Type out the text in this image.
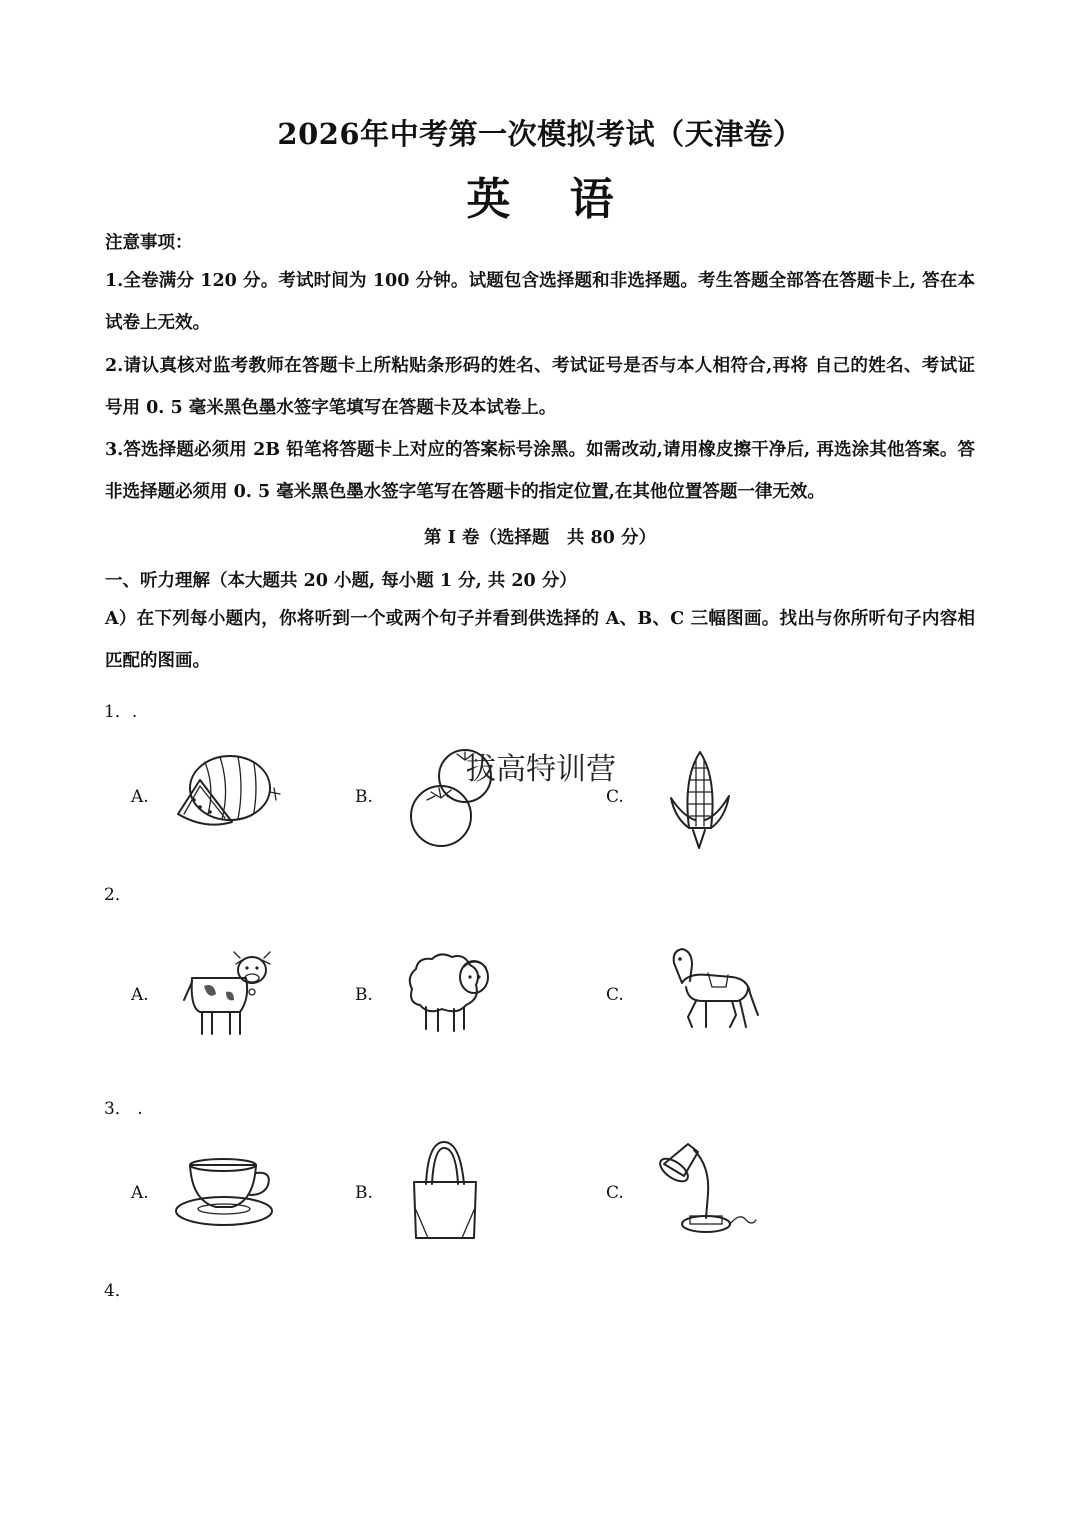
2026年中考第一次模拟考试（天津卷）
英 语
注意事项：
1.全卷满分 120 分。考试时间为 100 分钟。试题包含选择题和非选择题。考生答题全部答在答题卡上, 答在本试卷上无效。
2.请认真核对监考教师在答题卡上所粘贴条形码的姓名、考试证号是否与本人相符合,再将 自己的姓名、考试证号用 0. 5 毫米黑色墨水签字笔填写在答题卡及本试卷上。
3.答选择题必须用 2B 铅笔将答题卡上对应的答案标号涂黑。如需改动,请用橡皮擦干净后, 再选涂其他答案。答非选择题必须用 0. 5 毫米黑色墨水签字笔写在答题卡的指定位置,在其他位置答题一律无效。
第 I 卷（选择题　共 80 分）
一、听力理解（本大题共 20 小题, 每小题 1 分, 共 20 分）
A）在下列每小题内，你将听到一个或两个句子并看到供选择的 A、B、C 三幅图画。找出与你所听句子内容相匹配的图画。
1．.
A.	B.	C.
拔高特训营
2．
A.	B.	C.
3． .
A.	B.	C.
4．
